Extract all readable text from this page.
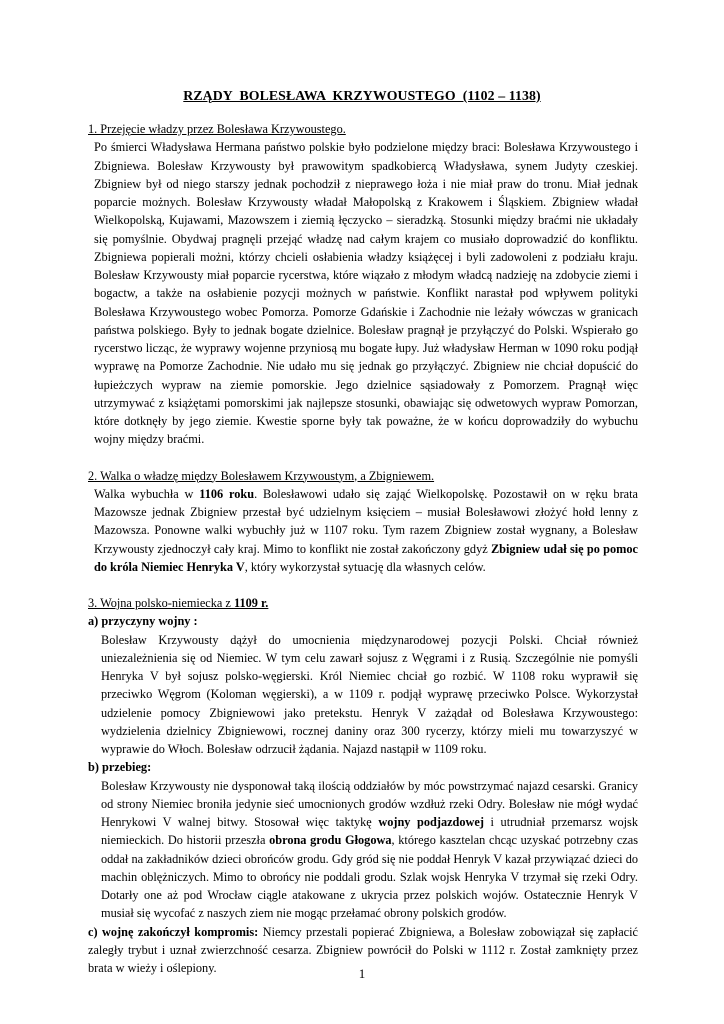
RZĄDY  BOLESŁAWA  KRZYWOUSTEGO  (1102 – 1138)
1. Przejęcie władzy przez Bolesława Krzywoustego.
Po śmierci Władysława Hermana państwo polskie było podzielone między braci: Bolesława Krzywoustego i Zbigniewa. Bolesław Krzywousty był prawowitym spadkobiercą Władysława, synem Judyty czeskiej. Zbigniew był od niego starszy jednak pochodził z nieprawego łoża i nie miał praw do tronu. Miał jednak poparcie możnych. Bolesław Krzywousty władał Małopolską z Krakowem i Śląskiem. Zbigniew władał Wielkopolską, Kujawami, Mazowszem i ziemią łęczycko – sieradzką. Stosunki między braćmi nie układały się pomyślnie. Obydwaj pragnęli przejąć władzę nad całym krajem co musiało doprowadzić do konfliktu. Zbigniewa popierali możni, którzy chcieli osłabienia władzy książęcej i byli zadowoleni z podziału kraju. Bolesław Krzywousty miał poparcie rycerstwa, które wiązało z młodym władcą nadzieję na zdobycie ziemi i bogactw, a także na osłabienie pozycji możnych w państwie. Konflikt narastał pod wpływem polityki Bolesława Krzywoustego wobec Pomorza. Pomorze Gdańskie i Zachodnie nie leżały wówczas w granicach państwa polskiego. Były to jednak bogate dzielnice. Bolesław pragnął je przyłączyć do Polski. Wspierało go rycerstwo licząc, że wyprawy wojenne przyniosą mu bogate łupy. Już władysław Herman w 1090 roku podjął wyprawę na Pomorze Zachodnie. Nie udało mu się jednak go przyłączyć. Zbigniew nie chciał dopuścić do łupieżczych wypraw na ziemie pomorskie. Jego dzielnice sąsiadowały z Pomorzem. Pragnął więc utrzymywać z książętami pomorskimi jak najlepsze stosunki, obawiając się odwetowych wypraw Pomorzan, które dotknęły by jego ziemie. Kwestie sporne były tak poważne, że w końcu doprowadziły do wybuchu wojny między braćmi.
2. Walka o władzę między Bolesławem Krzywoustym, a Zbigniewem.
Walka wybuchła w 1106 roku. Bolesławowi udało się zająć Wielkopolskę. Pozostawił on w ręku brata Mazowsze jednak Zbigniew przestał być udzielnym księciem – musiał Bolesławowi złożyć hołd lenny z Mazowsza. Ponowne walki wybuchły już w 1107 roku. Tym razem Zbigniew został wygnany, a Bolesław Krzywousty zjednoczył cały kraj. Mimo to konflikt nie został zakończony gdyż Zbigniew udał się po pomoc do króla Niemiec Henryka V, który wykorzystał sytuację dla własnych celów.
3. Wojna polsko-niemiecka z 1109 r.
a) przyczyny wojny :
Bolesław Krzywousty dążył do umocnienia międzynarodowej pozycji Polski. Chciał również uniezależnienia się od Niemiec. W tym celu zawarł sojusz z Węgrami i z Rusią. Szczególnie nie pomyśli Henryka V był sojusz polsko-węgierski. Król Niemiec chciał go rozbić. W 1108 roku wyprawił się przeciwko Węgrom (Koloman węgierski), a w 1109 r. podjął wyprawę przeciwko Polsce. Wykorzystał udzielenie pomocy Zbigniewowi jako pretekstu. Henryk V zażądał od Bolesława Krzywoustego: wydzielenia dzielnicy Zbigniewowi, rocznej daniny oraz 300 rycerzy, którzy mieli mu towarzyszyć w wyprawie do Włoch. Bolesław odrzucił żądania. Najazd nastąpił w 1109 roku.
b) przebieg:
Bolesław Krzywousty nie dysponował taką ilością oddziałów by móc powstrzymać najazd cesarski. Granicy od strony Niemiec broniła jedynie sieć umocnionych grodów wzdłuż rzeki Odry. Bolesław nie mógł wydać Henrykowi V walnej bitwy. Stosował więc taktykę wojny podjazdowej i utrudniał przemarsz wojsk niemieckich. Do historii przeszła obrona grodu Głogowa, którego kasztelan chcąc uzyskać potrzebny czas oddał na zakładników dzieci obrońców grodu. Gdy gród się nie poddał Henryk V kazał przywiązać dzieci do machin oblężniczych. Mimo to obrońcy nie poddali grodu. Szlak wojsk Henryka V trzymał się rzeki Odry. Dotarły one aż pod Wrocław ciągle atakowane z ukrycia przez polskich wojów. Ostatecznie Henryk V musiał się wycofać z naszych ziem nie mogąc przełamać obrony polskich grodów.
c) wojnę zakończył kompromis: Niemcy przestali popierać Zbigniewa, a Bolesław zobowiązał się zapłacić zaległy trybut i uznał zwierzchność cesarza. Zbigniew powrócił do Polski w 1112 r. Został zamknięty przez brata w wieży i oślepiony.	1
